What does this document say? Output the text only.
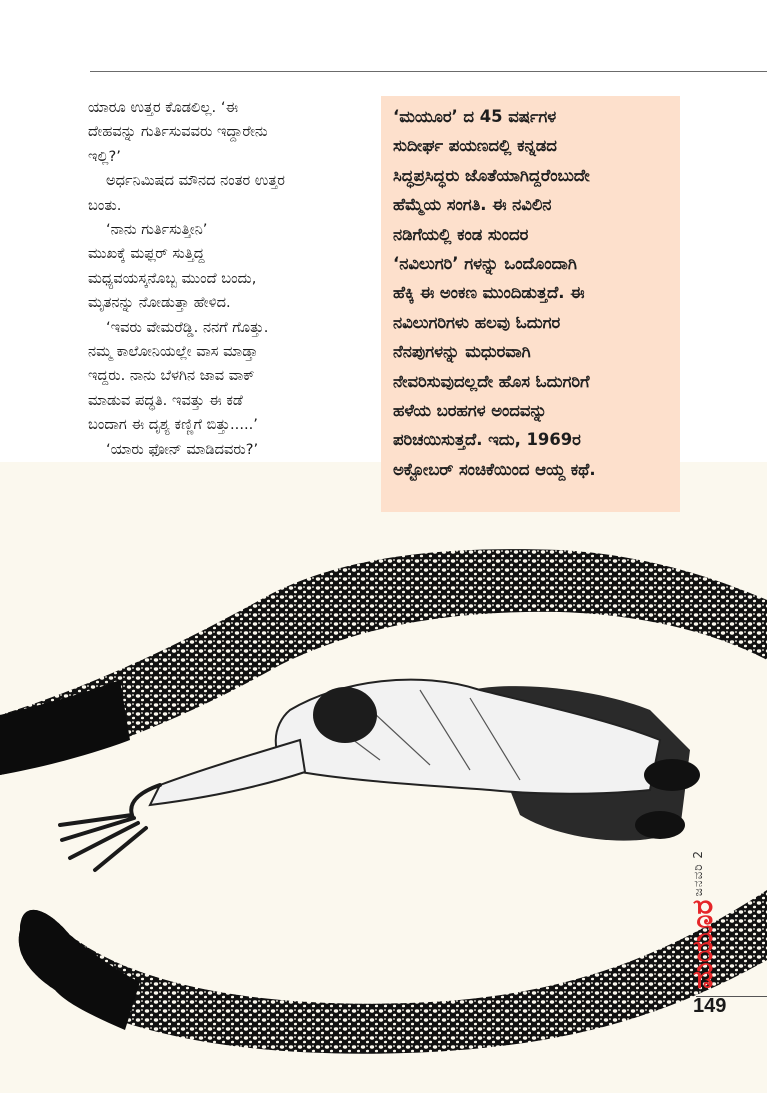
ಯಾರೂ ಉತ್ತರ ಕೊಡಲಿಲ್ಲ. ‘ಈ

ದೇಹವನ್ನು ಗುರ್ತಿಸುವವರು ಇದ್ದಾರೇನು

ಇಲ್ಲಿ?’

ಅರ್ಧನಿಮಿಷದ ಮೌನದ ನಂತರ ಉತ್ತರ

ಬಂತು.

‘ನಾನು ಗುರ್ತಿಸುತ್ತೀನಿ’

ಮುಖಕ್ಕೆ ಮಫ್ಲರ್ ಸುತ್ತಿದ್ದ

ಮಧ್ಯವಯಸ್ಕನೊಬ್ಬ ಮುಂದೆ ಬಂದು,

ಮೃತನನ್ನು ನೋಡುತ್ತಾ ಹೇಳಿದ.

‘ಇವರು ವೇಮರೆಡ್ಡಿ. ನನಗೆ ಗೊತ್ತು.

ನಮ್ಮ ಕಾಲೋನಿಯಲ್ಲೇ ವಾಸ ಮಾಡ್ತಾ

ಇದ್ದರು. ನಾನು ಬೆಳಗಿನ ಜಾವ ವಾಕ್

ಮಾಡುವ ಪದ್ಧತಿ. ಇವತ್ತು ಈ ಕಡೆ

ಬಂದಾಗ ಈ ದೃಶ್ಯ ಕಣ್ಣಿಗೆ ಬಿತ್ತು.....’

‘ಯಾರು ಫೋನ್ ಮಾಡಿದವರು?’

‘ಮಯೂರ’ ದ 45 ವರ್ಷಗಳ
ಸುದೀರ್ಘ ಪಯಣದಲ್ಲಿ ಕನ್ನಡದ
ಸಿದ್ಧಪ್ರಸಿದ್ಧರು ಜೊತೆಯಾಗಿದ್ದರೆಂಬುದೇ
ಹೆಮ್ಮೆಯ ಸಂಗತಿ. ಈ ನವಿಲಿನ
ನಡಿಗೆಯಲ್ಲಿ ಕಂಡ ಸುಂದರ
‘ನವಿಲುಗರಿ’ ಗಳನ್ನು ಒಂದೊಂದಾಗಿ
ಹೆಕ್ಕಿ ಈ ಅಂಕಣ ಮುಂದಿಡುತ್ತದೆ. ಈ
ನವಿಲುಗರಿಗಳು ಹಲವು ಓದುಗರ
ನೆನಪುಗಳನ್ನು ಮಧುರವಾಗಿ
ನೇವರಿಸುವುದಲ್ಲದೇ ಹೊಸ ಓದುಗರಿಗೆ
ಹಳೆಯ ಬರಹಗಳ ಅಂದವನ್ನು
ಪರಿಚಯಿಸುತ್ತದೆ. ಇದು, 1969ರ
ಅಕ್ಟೋಬರ್ ಸಂಚಿಕೆಯಿಂದ ಆಯ್ದ ಕಥೆ.
ಜನವರಿ 2
ಮಯೂರ
149
